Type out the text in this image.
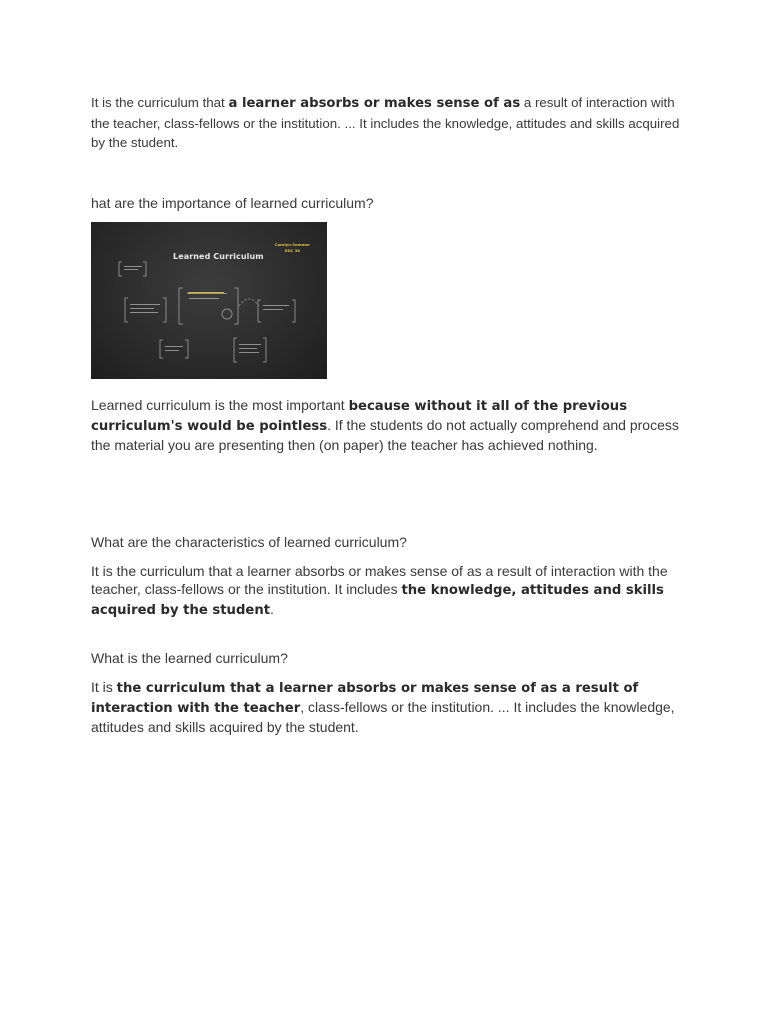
It is the curriculum that a learner absorbs or makes sense of as a result of interaction with the teacher, class-fellows or the institution. ... It includes the knowledge, attitudes and skills acquired by the student.

hat are the importance of learned curriculum?

Learned Curriculum
Carolyn Sommer
EDC 36

Learned curriculum is the most important because without it all of the previous curriculum's would be pointless. If the students do not actually comprehend and process the material you are presenting then (on paper) the teacher has achieved nothing.

What are the characteristics of learned curriculum?

It is the curriculum that a learner absorbs or makes sense of as a result of interaction with the teacher, class-fellows or the institution. It includes the knowledge, attitudes and skills acquired by the student.

What is the learned curriculum?

It is the curriculum that a learner absorbs or makes sense of as a result of interaction with the teacher, class-fellows or the institution. ... It includes the knowledge, attitudes and skills acquired by the student.
